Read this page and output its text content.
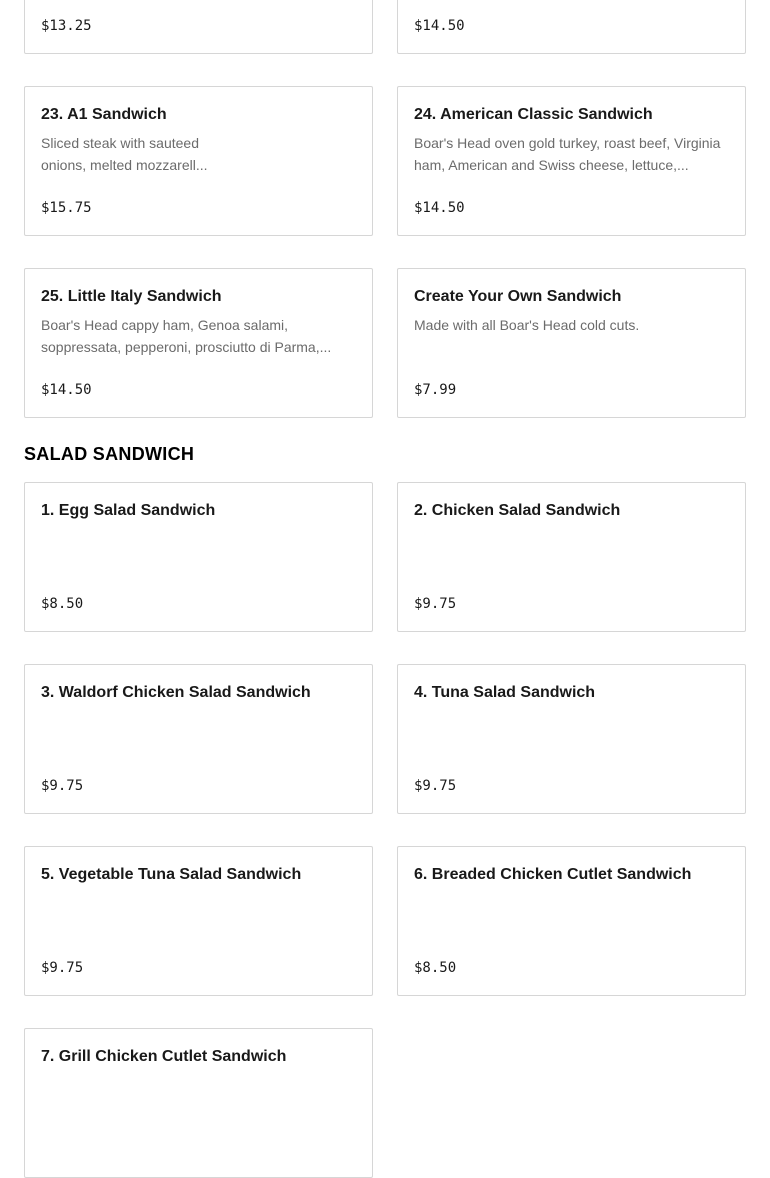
$13.25	$14.50
23. A1 Sandwich
Sliced steak with sauteed onions, melted mozzarell...
$15.75
24. American Classic Sandwich
Boar's Head oven gold turkey, roast beef, Virginia ham, American and Swiss cheese, lettuce,...
$14.50
25. Little Italy Sandwich
Boar's Head cappy ham, Genoa salami, soppressata, pepperoni, prosciutto di Parma,...
$14.50
Create Your Own Sandwich
Made with all Boar's Head cold cuts.
$7.99
SALAD SANDWICH
1. Egg Salad Sandwich
$8.50
2. Chicken Salad Sandwich
$9.75
3. Waldorf Chicken Salad Sandwich
$9.75
4. Tuna Salad Sandwich
$9.75
5. Vegetable Tuna Salad Sandwich
$9.75
6. Breaded Chicken Cutlet Sandwich
$8.50
7. Grill Chicken Cutlet Sandwich
